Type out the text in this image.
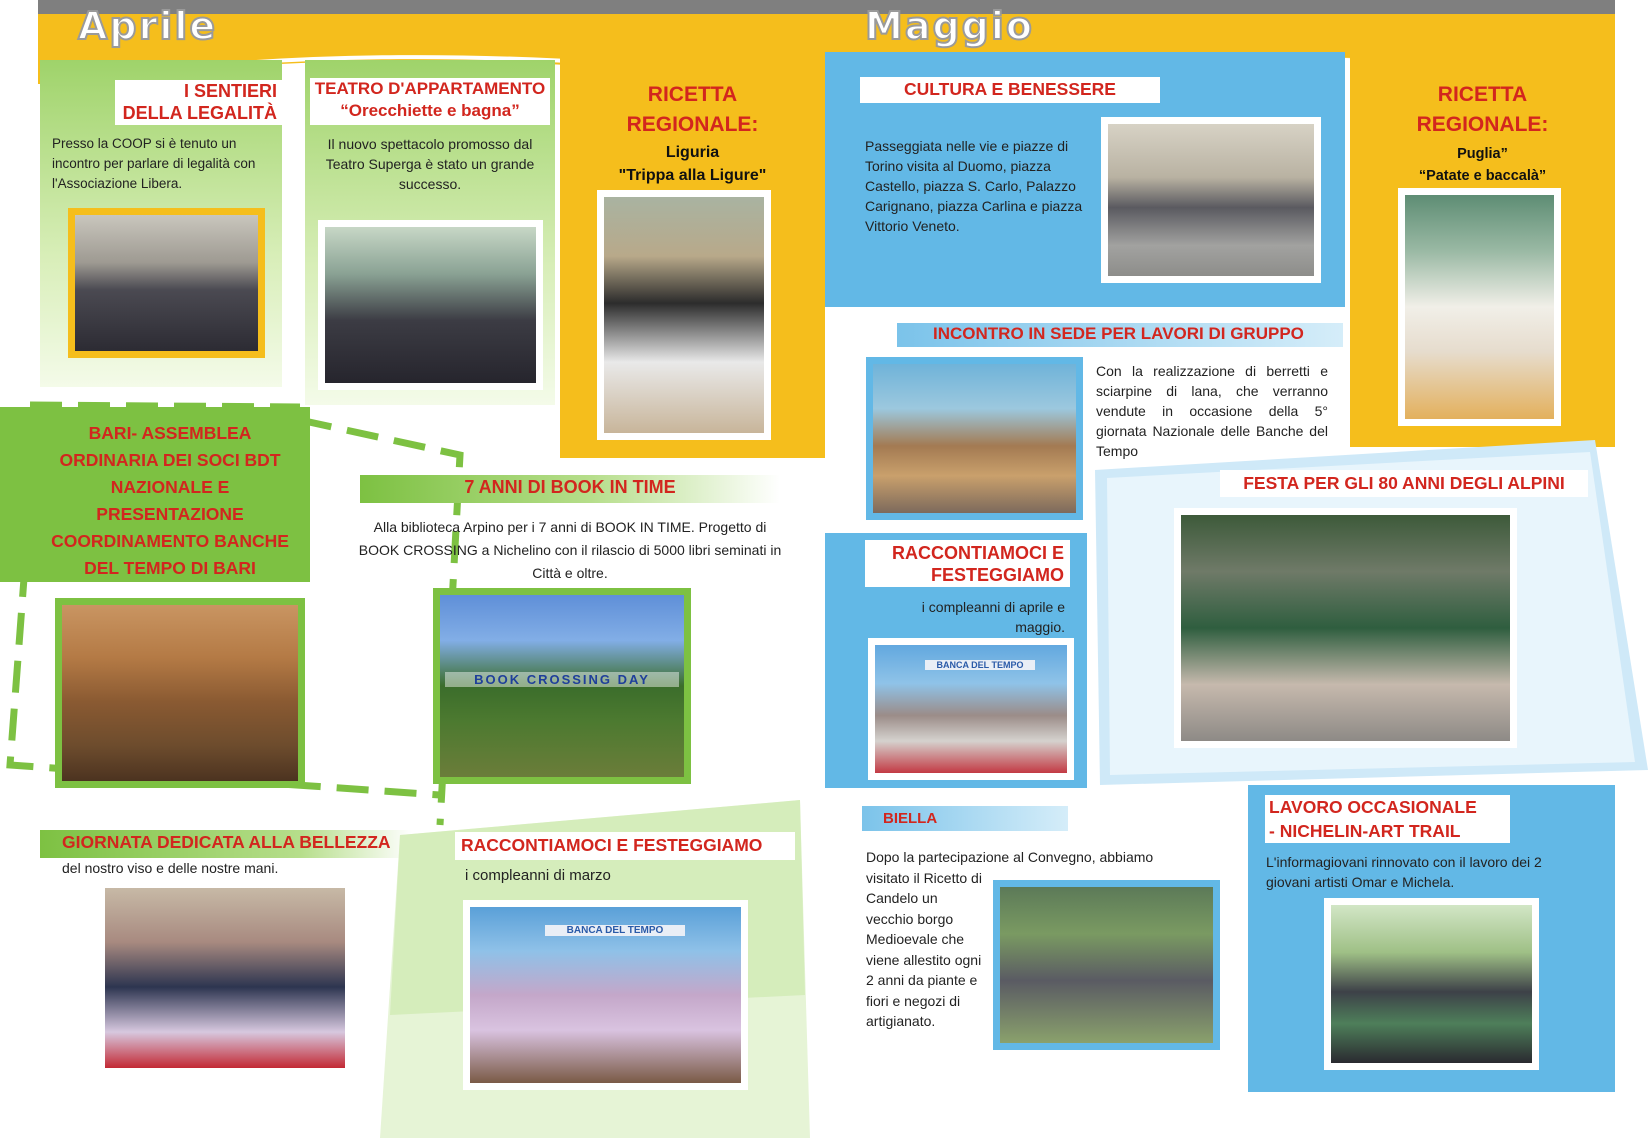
Aprile	Maggio
I SENTIERI
DELLA LEGALITÀ
Presso la COOP si è tenuto un incontro per parlare di legalità con l'Associazione Libera.
TEATRO D'APPARTAMENTO
“Orecchiette e bagna”
Il nuovo spettacolo promosso dal Teatro Superga è stato un grande successo.
RICETTA
REGIONALE:
Liguria
"Trippa alla Ligure"
BARI- ASSEMBLEA ORDINARIA DEI SOCI BDT NAZIONALE E PRESENTAZIONE COORDINAMENTO BANCHE DEL TEMPO DI BARI
7 ANNI DI BOOK IN TIME
Alla biblioteca Arpino per i 7 anni di BOOK IN TIME. Progetto di BOOK CROSSING a Nichelino con il rilascio di 5000 libri seminati in Città e oltre.
BOOK CROSSING DAY
GIORNATA DEDICATA ALLA BELLEZZA
del nostro viso e delle nostre mani.
RACCONTIAMOCI E FESTEGGIAMO
i compleanni di marzo
BANCA DEL TEMPO
CULTURA E BENESSERE
Passeggiata nelle vie e piazze di Torino visita al Duomo, piazza Castello, piazza S. Carlo, Palazzo Carignano, piazza Carlina e piazza Vittorio Veneto.
RICETTA
REGIONALE:
Puglia”
“Patate e baccalà”
INCONTRO IN SEDE PER LAVORI DI GRUPPO
Con la realizzazione di berretti e sciarpine di lana, che verranno vendute in occasione della 5° giornata Nazionale delle Banche del Tempo
FESTA PER GLI 80 ANNI DEGLI ALPINI
RACCONTIAMOCI E
FESTEGGIAMO
i compleanni di aprile e maggio.
BANCA DEL TEMPO
BIELLA
Dopo la partecipazione al Convegno, abbiamo visitato il Ricetto di Candelo un vecchio borgo Medioevale che viene allestito ogni 2 anni da piante e fiori e negozi di artigianato.
LAVORO OCCASIONALE
- NICHELIN-ART TRAIL
L'informagiovani rinnovato con il lavoro dei 2 giovani artisti Omar e Michela.
